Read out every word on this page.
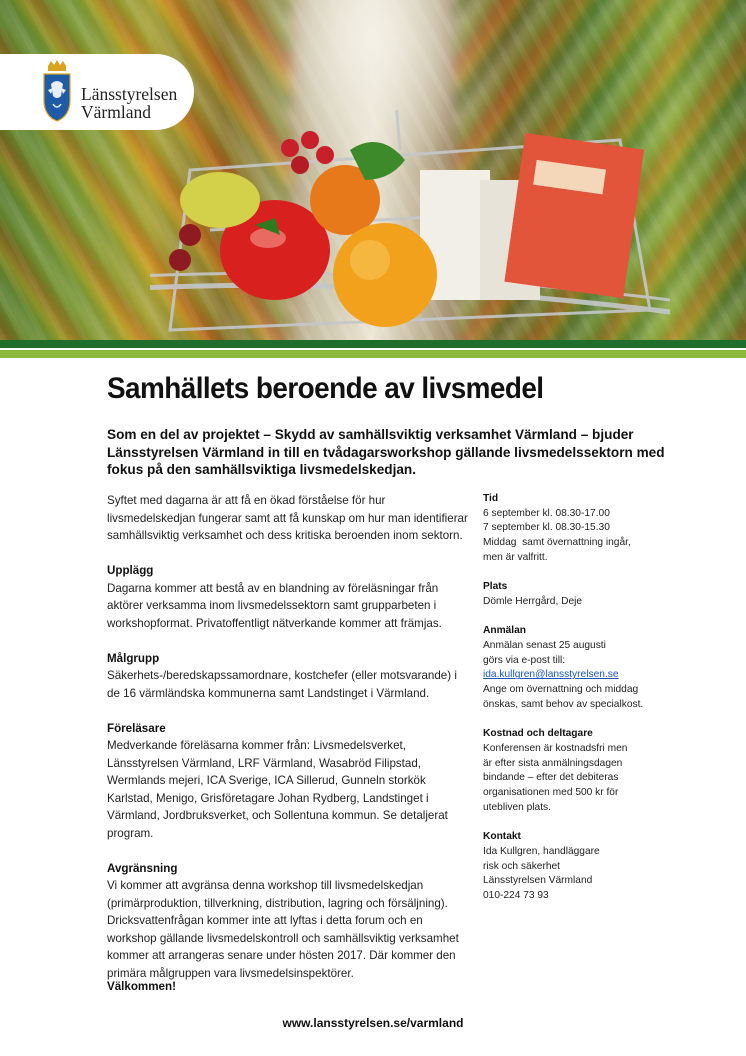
Länsstyrelsen
Värmland
Samhällets beroende av livsmedel

Som en del av projektet – Skydd av samhällsviktig verksamhet Värmland – bjuder Länsstyrelsen Värmland in till en tvådagarsworkshop gällande livsmedelssektorn med fokus på den samhällsviktiga livsmedelskedjan.

Syftet med dagarna är att få en ökad förståelse för hur livsmedelskedjan fungerar samt att få kunskap om hur man identifierar samhällsviktig verksamhet och dess kritiska beroenden inom sektorn.

Upplägg

Dagarna kommer att bestå av en blandning av föreläsningar från aktörer verksamma inom livsmedelssektorn samt grupparbeten i workshopformat. Privatoffentligt nätverkande kommer att främjas.

Målgrupp

Säkerhets-/beredskapssamordnare, kostchefer (eller motsvarande) i de 16 värmländska kommunerna samt Landstinget i Värmland.

Föreläsare

Medverkande föreläsarna kommer från: Livsmedelsverket, Länsstyrelsen Värmland, LRF Värmland, Wasabröd Filipstad, Wermlands mejeri, ICA Sverige, ICA Sillerud, Gunneln storkök Karlstad, Menigo, Grisföretagare Johan Rydberg, Landstinget i Värmland, Jordbruksverket, och Sollentuna kommun. Se detaljerat program.

Avgränsning

Vi kommer att avgränsa denna workshop till livsmedelskedjan (primärproduktion, tillverkning, distribution, lagring och försäljning). Dricksvattenfrågan kommer inte att lyftas i detta forum och en workshop gällande livsmedelskontroll och samhällsviktig verksamhet kommer att arrangeras senare under hösten 2017. Där kommer den primära målgruppen vara livsmedelsinspektörer.

Välkommen!
Tid

6 september kl. 08.30-17.00

7 september kl. 08.30-15.30

Middag  samt övernattning ingår,

men är valfritt.

Plats

Dömle Herrgård, Deje

Anmälan

Anmälan senast 25 augusti

görs via e-post till:

ida.kullgren@lansstyrelsen.se

Ange om övernattning och middag

önskas, samt behov av specialkost.

Kostnad och deltagare

Konferensen är kostnadsfri men

är efter sista anmälningsdagen

bindande – efter det debiteras

organisationen med 500 kr för

utebliven plats.

Kontakt

Ida Kullgren, handläggare

risk och säkerhet

Länsstyrelsen Värmland

010-224 73 93

www.lansstyrelsen.se/varmland
